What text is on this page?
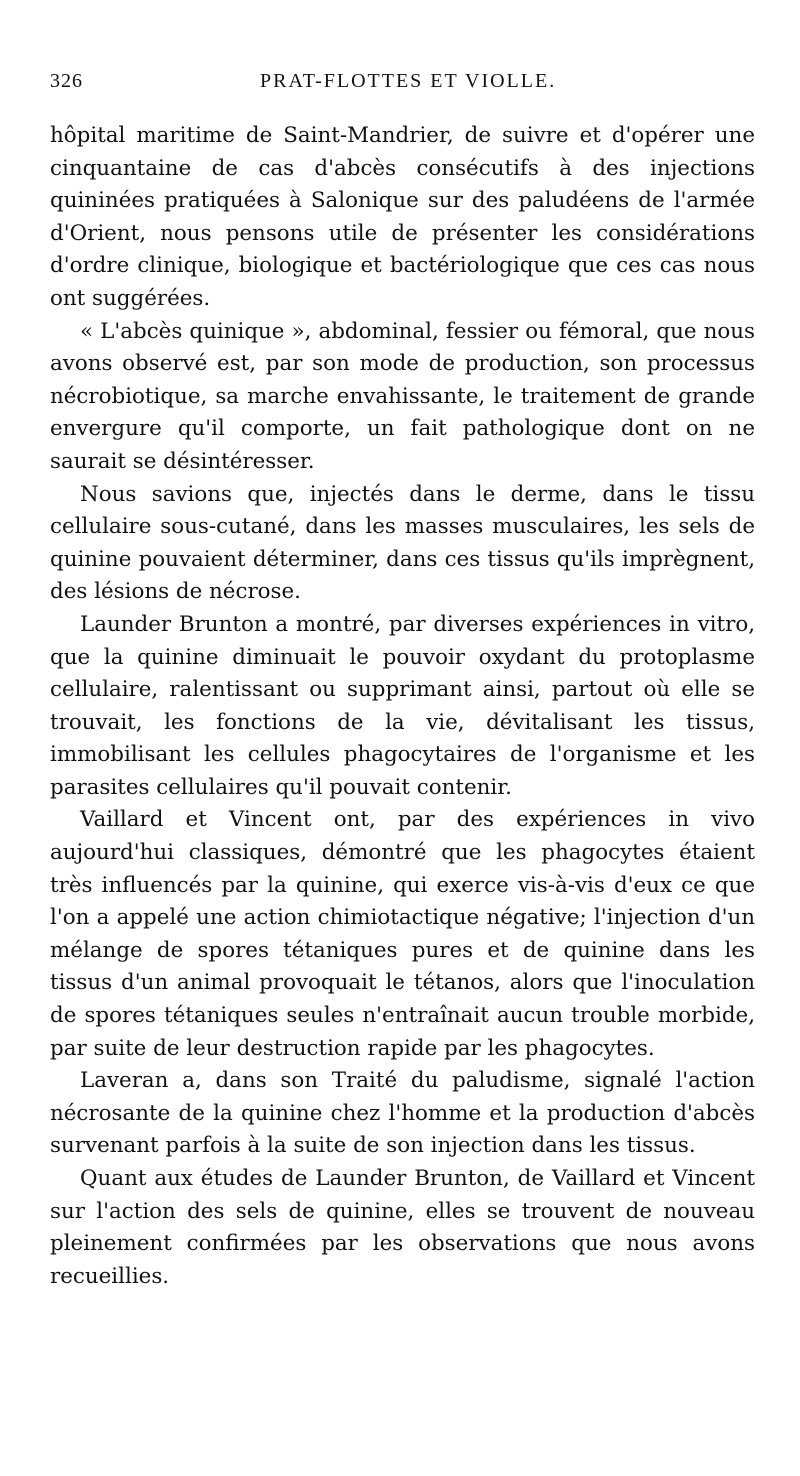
326	PRAT-FLOTTES ET VIOLLE.

hôpital maritime de Saint-Mandrier, de suivre et d'opérer une cinquantaine de cas d'abcès consécutifs à des injections quininées pratiquées à Salonique sur des paludéens de l'armée d'Orient, nous pensons utile de présenter les considérations d'ordre clinique, biologique et bactériologique que ces cas nous ont suggérées.

« L'abcès quinique », abdominal, fessier ou fémoral, que nous avons observé est, par son mode de production, son processus nécrobiotique, sa marche envahissante, le traitement de grande envergure qu'il comporte, un fait pathologique dont on ne saurait se désintéresser.

Nous savions que, injectés dans le derme, dans le tissu cellulaire sous-cutané, dans les masses musculaires, les sels de quinine pouvaient déterminer, dans ces tissus qu'ils imprègnent, des lésions de nécrose.

Launder Brunton a montré, par diverses expériences in vitro, que la quinine diminuait le pouvoir oxydant du protoplasme cellulaire, ralentissant ou supprimant ainsi, partout où elle se trouvait, les fonctions de la vie, dévitalisant les tissus, immobilisant les cellules phagocytaires de l'organisme et les parasites cellulaires qu'il pouvait contenir.

Vaillard et Vincent ont, par des expériences in vivo aujourd'hui classiques, démontré que les phagocytes étaient très influencés par la quinine, qui exerce vis-à-vis d'eux ce que l'on a appelé une action chimiotactique négative; l'injection d'un mélange de spores tétaniques pures et de quinine dans les tissus d'un animal provoquait le tétanos, alors que l'inoculation de spores tétaniques seules n'entraînait aucun trouble morbide, par suite de leur destruction rapide par les phagocytes.

Laveran a, dans son Traité du paludisme, signalé l'action nécrosante de la quinine chez l'homme et la production d'abcès survenant parfois à la suite de son injection dans les tissus.

Quant aux études de Launder Brunton, de Vaillard et Vincent sur l'action des sels de quinine, elles se trouvent de nouveau pleinement confirmées par les observations que nous avons recueillies.
